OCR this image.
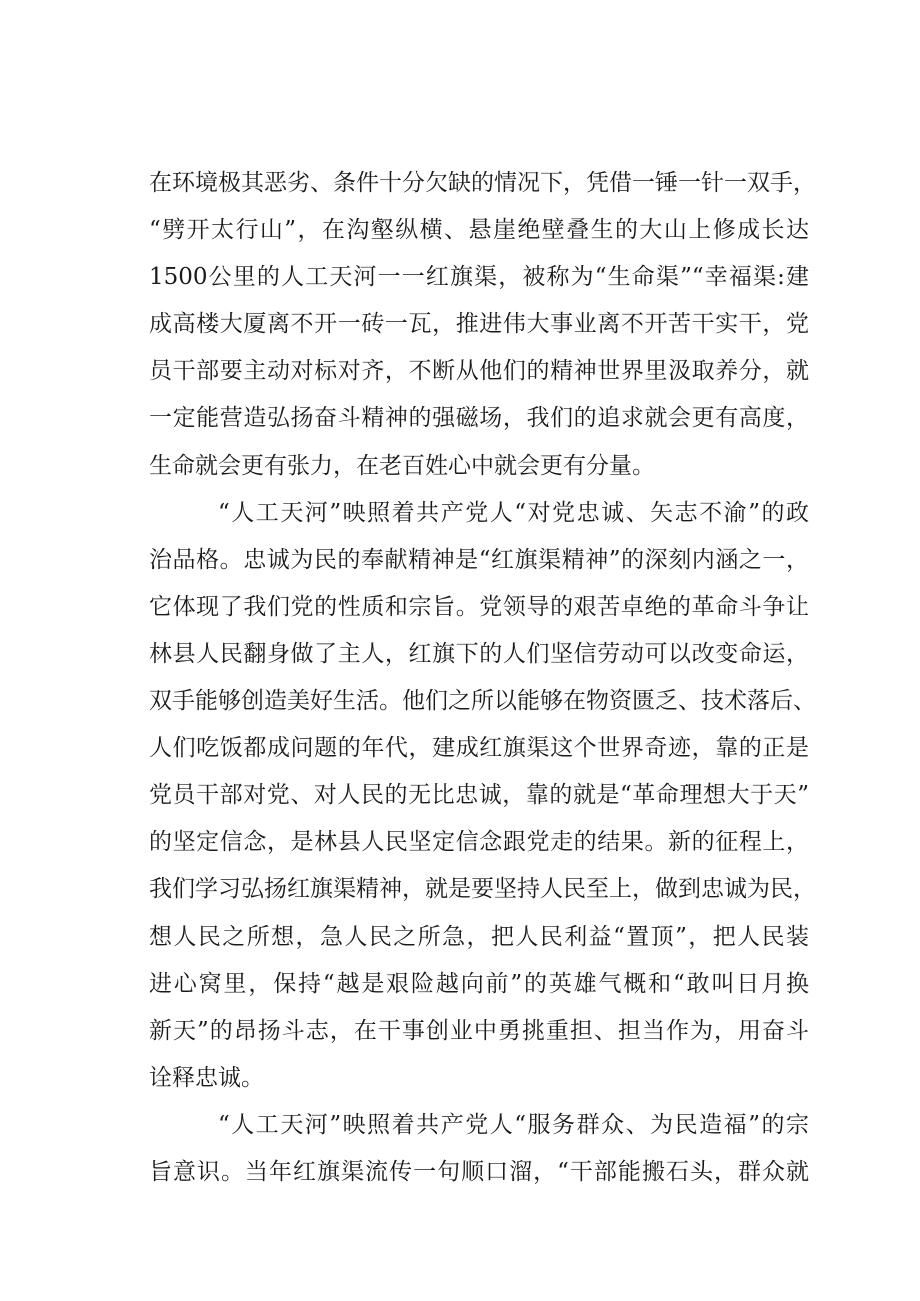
在环境极其恶劣、条件十分欠缺的情况下，凭借一锤一针一双手，
“劈开太行山”，在沟壑纵横、悬崖绝壁叠生的大山上修成长达
1500公里的人工天河一一红旗渠，被称为“生命渠”“幸福渠:建
成高楼大厦离不开一砖一瓦，推进伟大事业离不开苦干实干，党
员干部要主动对标对齐，不断从他们的精神世界里汲取养分，就
一定能营造弘扬奋斗精神的强磁场，我们的追求就会更有高度，
生命就会更有张力，在老百姓心中就会更有分量。
“人工天河”映照着共产党人“对党忠诚、矢志不渝”的政
治品格。忠诚为民的奉献精神是“红旗渠精神”的深刻内涵之一，
它体现了我们党的性质和宗旨。党领导的艰苦卓绝的革命斗争让
林县人民翻身做了主人，红旗下的人们坚信劳动可以改变命运，
双手能够创造美好生活。他们之所以能够在物资匮乏、技术落后、
人们吃饭都成问题的年代，建成红旗渠这个世界奇迹，靠的正是
党员干部对党、对人民的无比忠诚，靠的就是“革命理想大于天”
的坚定信念，是林县人民坚定信念跟党走的结果。新的征程上，
我们学习弘扬红旗渠精神，就是要坚持人民至上，做到忠诚为民，
想人民之所想，急人民之所急，把人民利益“置顶”，把人民装
进心窝里，保持“越是艰险越向前”的英雄气概和“敢叫日月换
新天”的昂扬斗志，在干事创业中勇挑重担、担当作为，用奋斗
诠释忠诚。
“人工天河”映照着共产党人“服务群众、为民造福”的宗
旨意识。当年红旗渠流传一句顺口溜，“干部能搬石头，群众就
